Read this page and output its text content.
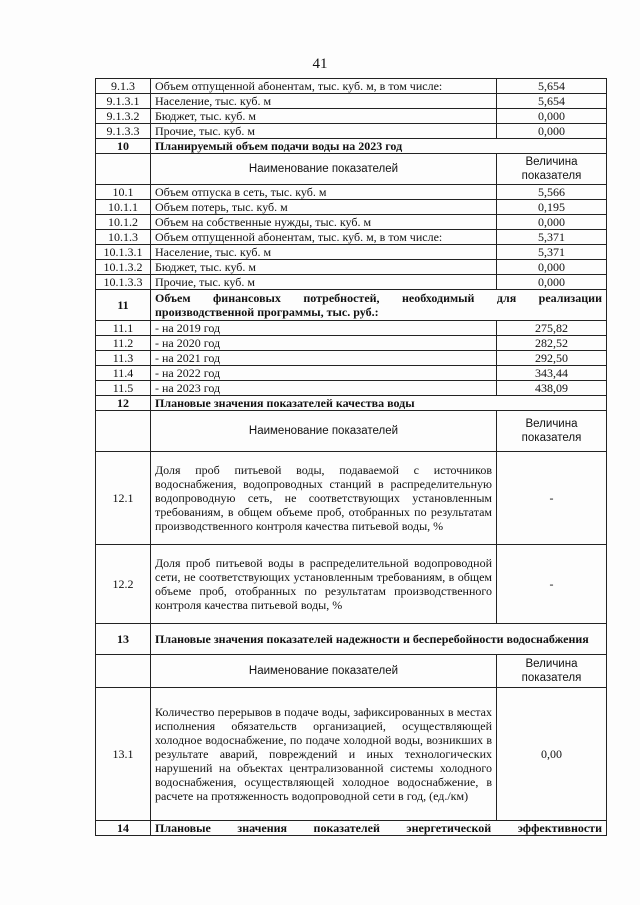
41
9.1.3	Объем отпущенной абонентам, тыс. куб. м, в том числе:	5,654
9.1.3.1	Население, тыс. куб. м	5,654
9.1.3.2	Бюджет, тыс. куб. м	0,000
9.1.3.3	Прочие, тыс. куб. м	0,000
10	Планируемый объем подачи воды на 2023 год	
	Наименование показателей	Величина показателя
10.1	Объем отпуска в сеть, тыс. куб. м	5,566
10.1.1	Объем потерь, тыс. куб. м	0,195
10.1.2	Объем на собственные нужды, тыс. куб. м	0,000
10.1.3	Объем отпущенной абонентам, тыс. куб. м, в том числе:	5,371
10.1.3.1	Население, тыс. куб. м	5,371
10.1.3.2	Бюджет, тыс. куб. м	0,000
10.1.3.3	Прочие, тыс. куб. м	0,000
11	Объем финансовых потребностей, необходимый для реализации производственной программы, тыс. руб.:	
11.1	- на 2019 год	275,82
11.2	- на 2020 год	282,52
11.3	- на 2021 год	292,50
11.4	- на 2022 год	343,44
11.5	- на 2023 год	438,09
12	Плановые значения показателей качества воды	
	Наименование показателей	Величина показателя
12.1	Доля проб питьевой воды, подаваемой с источников водоснабжения, водопроводных станций в распределительную водопроводную сеть, не соответствующих установленным требованиям, в общем объеме проб, отобранных по результатам производственного контроля качества питьевой воды, %	-
12.2	Доля проб питьевой воды в распределительной водопроводной сети, не соответствующих установленным требованиям, в общем объеме проб, отобранных по результатам производственного контроля качества питьевой воды, %	-
13	Плановые значения показателей надежности и бесперебойности водоснабжения	
	Наименование показателей	Величина показателя
13.1	Количество перерывов в подаче воды, зафиксированных в местах исполнения обязательств организацией, осуществляющей холодное водоснабжение, по подаче холодной воды, возникших в результате аварий, повреждений и иных технологических нарушений на объектах централизованной системы холодного водоснабжения, осуществляющей холодное водоснабжение, в расчете на протяженность водопроводной сети в год, (ед./км)	0,00
14	Плановые значения показателей энергетической эффективности	
